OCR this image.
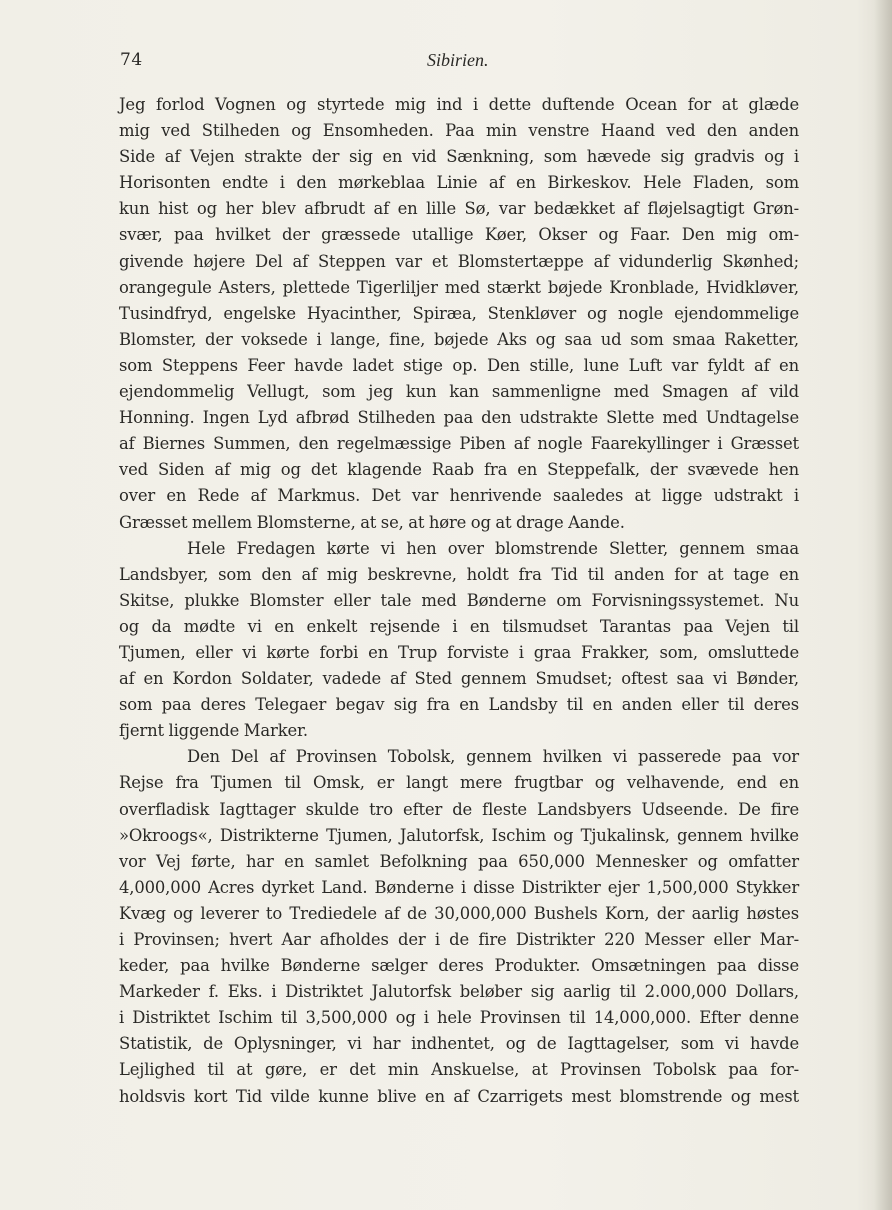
74	Sibirien.
Jeg forlod Vognen og styrtede mig ind i dette duftende Ocean for at glæde
mig ved Stilheden og Ensomheden. Paa min venstre Haand ved den anden
Side af Vejen strakte der sig en vid Sænkning, som hævede sig gradvis og i
Horisonten endte i den mørkeblaa Linie af en Birkeskov. Hele Fladen, som
kun hist og her blev afbrudt af en lille Sø, var bedækket af fløjelsagtigt Grøn-
svær, paa hvilket der græssede utallige Køer, Okser og Faar. Den mig om-
givende højere Del af Steppen var et Blomstertæppe af vidunderlig Skønhed;
orangegule Asters, plettede Tigerliljer med stærkt bøjede Kronblade, Hvidkløver,
Tusindfryd, engelske Hyacinther, Spiræa, Stenkløver og nogle ejendommelige
Blomster, der voksede i lange, fine, bøjede Aks og saa ud som smaa Raketter,
som Steppens Feer havde ladet stige op. Den stille, lune Luft var fyldt af en
ejendommelig Vellugt, som jeg kun kan sammenligne med Smagen af vild
Honning. Ingen Lyd afbrød Stilheden paa den udstrakte Slette med Undtagelse
af Biernes Summen, den regelmæssige Piben af nogle Faarekyllinger i Græsset
ved Siden af mig og det klagende Raab fra en Steppefalk, der svævede hen
over en Rede af Markmus. Det var henrivende saaledes at ligge udstrakt i
Græsset mellem Blomsterne, at se, at høre og at drage Aande.
Hele Fredagen kørte vi hen over blomstrende Sletter, gennem smaa
Landsbyer, som den af mig beskrevne, holdt fra Tid til anden for at tage en
Skitse, plukke Blomster eller tale med Bønderne om Forvisningssystemet. Nu
og da mødte vi en enkelt rejsende i en tilsmudset Tarantas paa Vejen til
Tjumen, eller vi kørte forbi en Trup forviste i graa Frakker, som, omsluttede
af en Kordon Soldater, vadede af Sted gennem Smudset; oftest saa vi Bønder,
som paa deres Telegaer begav sig fra en Landsby til en anden eller til deres
fjernt liggende Marker.
Den Del af Provinsen Tobolsk, gennem hvilken vi passerede paa vor
Rejse fra Tjumen til Omsk, er langt mere frugtbar og velhavende, end en
overfladisk Iagttager skulde tro efter de fleste Landsbyers Udseende. De fire
»Okroogs«, Distrikterne Tjumen, Jalutorfsk, Ischim og Tjukalinsk, gennem hvilke
vor Vej førte, har en samlet Befolkning paa 650,000 Mennesker og omfatter
4,000,000 Acres dyrket Land. Bønderne i disse Distrikter ejer 1,500,000 Stykker
Kvæg og leverer to Trediedele af de 30,000,000 Bushels Korn, der aarlig høstes
i Provinsen; hvert Aar afholdes der i de fire Distrikter 220 Messer eller Mar-
keder, paa hvilke Bønderne sælger deres Produkter. Omsætningen paa disse
Markeder f. Eks. i Distriktet Jalutorfsk beløber sig aarlig til 2.000,000 Dollars,
i Distriktet Ischim til 3,500,000 og i hele Provinsen til 14,000,000. Efter denne
Statistik, de Oplysninger, vi har indhentet, og de Iagttagelser, som vi havde
Lejlighed til at gøre, er det min Anskuelse, at Provinsen Tobolsk paa for-
holdsvis kort Tid vilde kunne blive en af Czarrigets mest blomstrende og mest
